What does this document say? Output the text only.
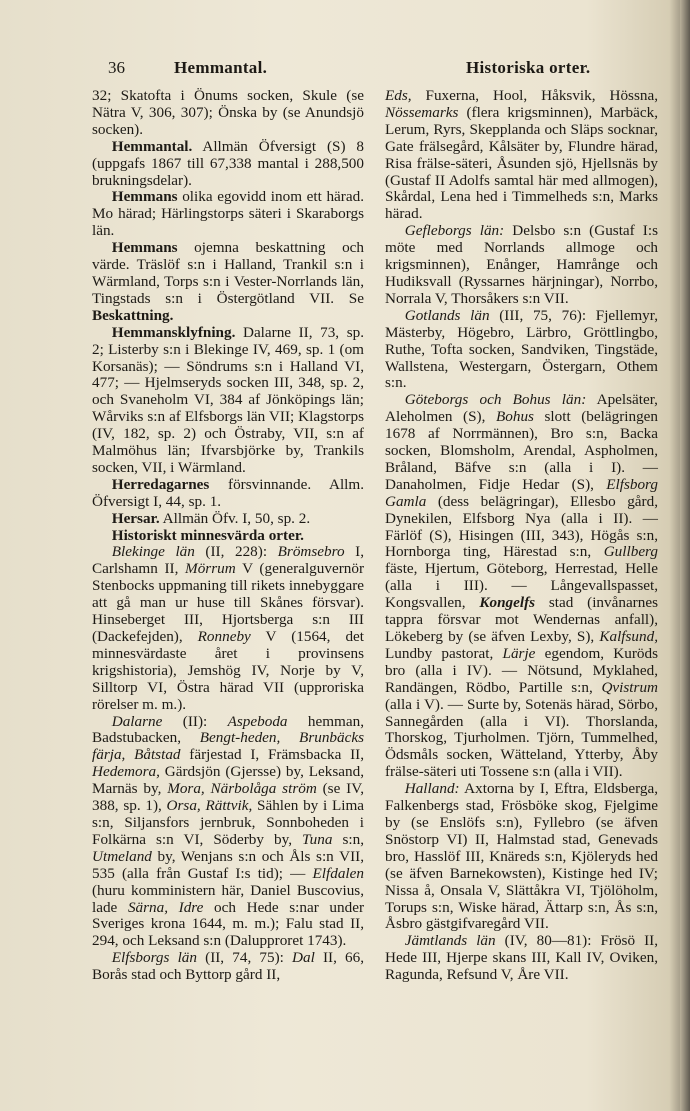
36	Hemmantal.	Historiska orter.

32; Skatofta i Önums socken, Skule (se Nätra V, 306, 307); Önska by (se Anundsjö socken).

Hemmantal. Allmän Öfversigt (S) 8 (uppgafs 1867 till 67,338 mantal i 288,500 brukningsdelar).

Hemmans olika egovidd inom ett härad. Mo härad; Härlingstorps säteri i Skaraborgs län.

Hemmans ojemna beskattning och värde. Träslöf s:n i Halland, Trankil s:n i Wärmland, Torps s:n i Vester-Norrlands län, Tingstads s:n i Östergötland VII. Se Beskattning.

Hemmansklyfning. Dalarne II, 73, sp. 2; Listerby s:n i Blekinge IV, 469, sp. 1 (om Korsanäs); — Söndrums s:n i Halland VI, 477; — Hjelmseryds socken III, 348, sp. 2, och Svaneholm VI, 384 af Jönköpings län; Wårviks s:n af Elfsborgs län VII; Klagstorps (IV, 182, sp. 2) och Östraby, VII, s:n af Malmöhus län; Ifvarsbjörke by, Trankils socken, VII, i Wärmland.

Herredagarnes försvinnande. Allm. Öfversigt I, 44, sp. 1.

Hersar. Allmän Öfv. I, 50, sp. 2.

Historiskt minnesvärda orter.

Blekinge län (II, 228): Brömsebro I, Carlshamn II, Mörrum V (generalguvernör Stenbocks uppmaning till rikets innebyggare att gå man ur huse till Skånes försvar). Hinseberget III, Hjortsberga s:n III (Dackefejden), Ronneby V (1564, det minnesvärdaste året i provinsens krigshistoria), Jemshög IV, Norje by V, Silltorp VI, Östra härad VII (upproriska rörelser m. m.).

Dalarne (II): Aspeboda hemman, Badstubacken, Bengt-heden, Brunbäcks färja, Båtstad färjestad I, Främsbacka II, Hedemora, Gärdsjön (Gjersse) by, Leksand, Marnäs by, Mora, Närbolåga ström (se IV, 388, sp. 1), Orsa, Rättvik, Sählen by i Lima s:n, Siljansfors jernbruk, Sonnboheden i Folkärna s:n VI, Söderby by, Tuna s:n, Utmeland by, Wenjans s:n och Åls s:n VII, 535 (alla från Gustaf I:s tid); — Elfdalen (huru komministern här, Daniel Buscovius, lade Särna, Idre och Hede s:nar under Sveriges krona 1644, m. m.); Falu stad II, 294, och Leksand s:n (Dalupproret 1743).

Elfsborgs län (II, 74, 75): Dal II, 66, Borås stad och Byttorp gård II,

Eds, Fuxerna, Hool, Håksvik, Hössna, Nössemarks (flera krigsminnen), Marbäck, Lerum, Ryrs, Skepplanda och Släps socknar, Gate frälsegård, Kålsäter by, Flundre härad, Risa frälse-säteri, Åsunden sjö, Hjellsnäs by (Gustaf II Adolfs samtal här med allmogen), Skårdal, Lena hed i Timmelheds s:n, Marks härad.

Gefleborgs län: Delsbo s:n (Gustaf I:s möte med Norrlands allmoge och krigsminnen), Enånger, Hamrånge och Hudiksvall (Ryssarnes härjningar), Norrbo, Norrala V, Thorsåkers s:n VII.

Gotlands län (III, 75, 76): Fjellemyr, Mästerby, Högebro, Lärbro, Gröttlingbo, Ruthe, Tofta socken, Sandviken, Tingstäde, Wallstena, Westergarn, Östergarn, Othem s:n.

Göteborgs och Bohus län: Apelsäter, Aleholmen (S), Bohus slott (belägringen 1678 af Norrmännen), Bro s:n, Backa socken, Blomsholm, Arendal, Aspholmen, Bråland, Bäfve s:n (alla i I). — Danaholmen, Fidje Hedar (S), Elfsborg Gamla (dess belägringar), Ellesbo gård, Dynekilen, Elfsborg Nya (alla i II). — Färlöf (S), Hisingen (III, 343), Högås s:n, Hornborga ting, Härestad s:n, Gullberg fäste, Hjertum, Göteborg, Herrestad, Helle (alla i III). — Långevallspasset, Kongsvallen, Kongelfs stad (invånarnes tappra försvar mot Wendernas anfall), Lökeberg by (se äfven Lexby, S), Kalfsund, Lundby pastorat, Lärje egendom, Kuröds bro (alla i IV). — Nötsund, Myklahed, Randängen, Rödbo, Partille s:n, Qvistrum (alla i V). — Surte by, Sotenäs härad, Sörbo, Sannegården (alla i VI). Thorslanda, Thorskog, Tjurholmen. Tjörn, Tummelhed, Ödsmåls socken, Wätteland, Ytterby, Åby frälse-säteri uti Tossene s:n (alla i VII).

Halland: Axtorna by I, Eftra, Eldsberga, Falkenbergs stad, Frösböke skog, Fjelgime by (se Enslöfs s:n), Fyllebro (se äfven Snöstorp VI) II, Halmstad stad, Genevads bro, Hasslöf III, Knäreds s:n, Kjöleryds hed (se äfven Barnekowsten), Kistinge hed IV; Nissa å, Onsala V, Slättåkra VI, Tjölöholm, Torups s:n, Wiske härad, Ättarp s:n, Ås s:n, Åsbro gästgifvaregård VII.

Jämtlands län (IV, 80—81): Frösö II, Hede III, Hjerpe skans III, Kall IV, Oviken, Ragunda, Refsund V, Åre VII.
